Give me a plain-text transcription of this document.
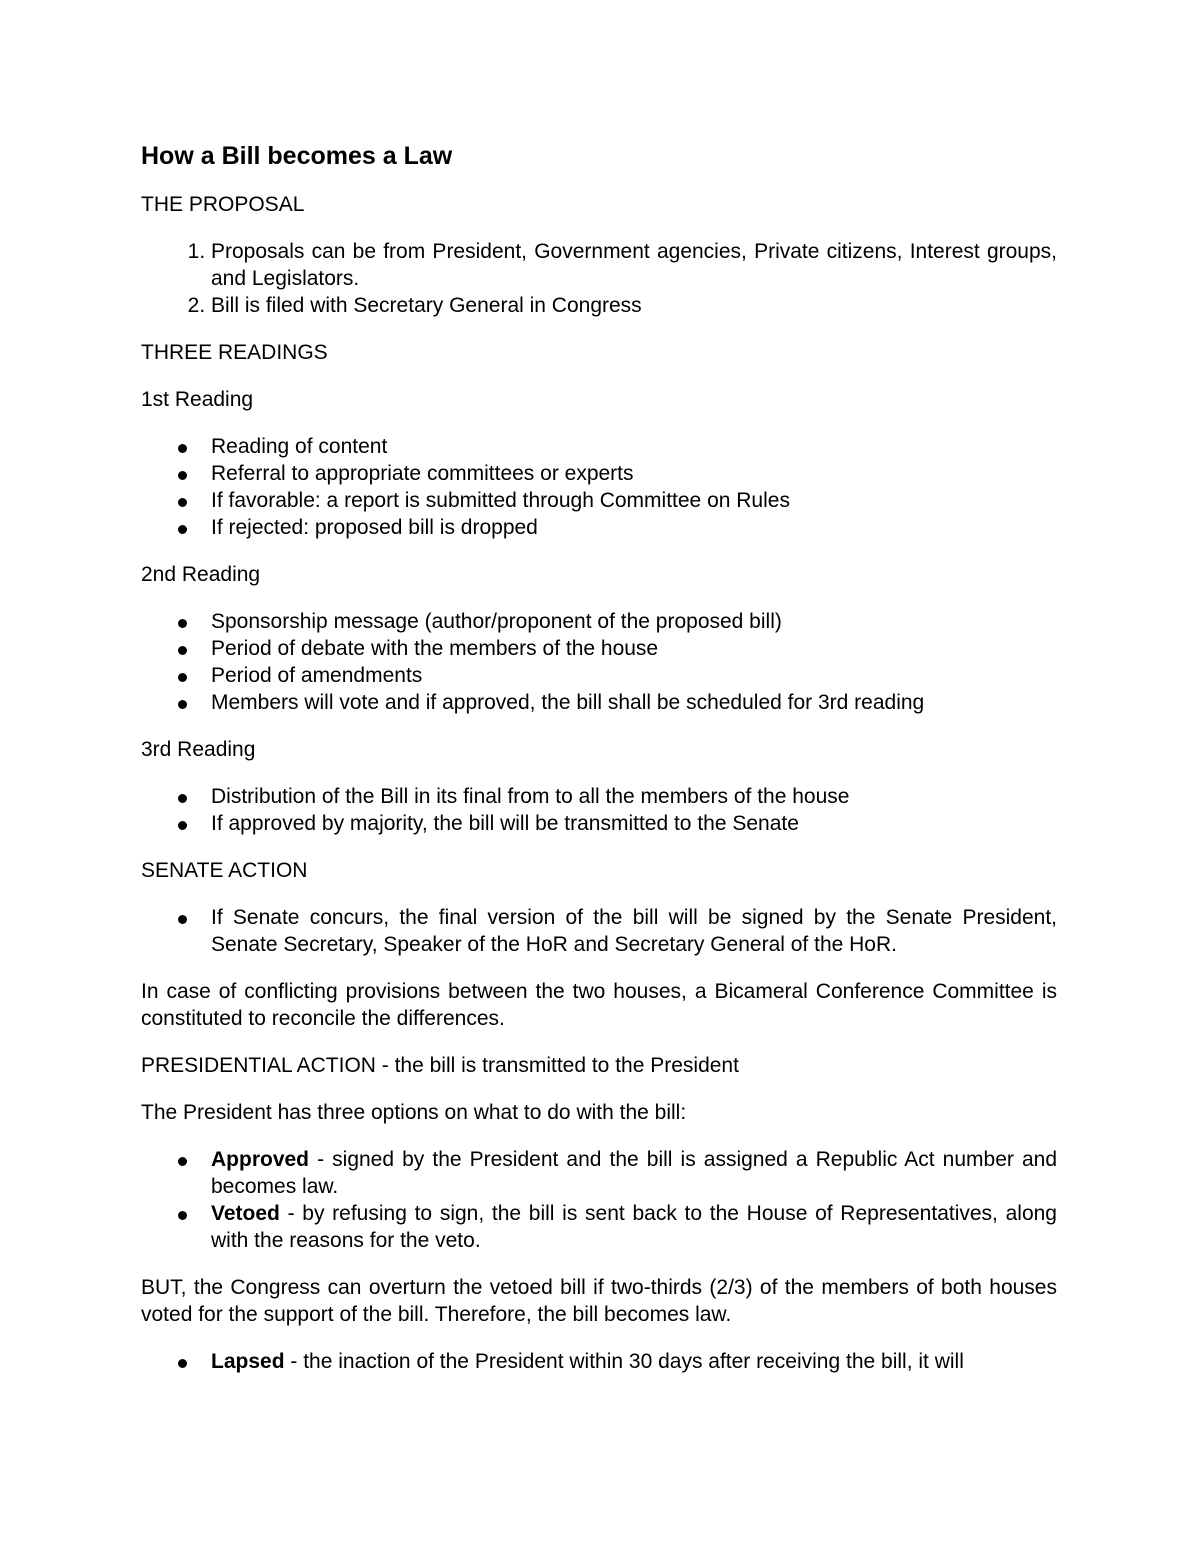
How a Bill becomes a Law

THE PROPOSAL

1. Proposals can be from President, Government agencies, Private citizens, Interest groups, and Legislators.
2. Bill is filed with Secretary General in Congress

THREE READINGS

1st Reading

Reading of content
Referral to appropriate committees or experts
If favorable: a report is submitted through Committee on Rules
If rejected: proposed bill is dropped

2nd Reading

Sponsorship message (author/proponent of the proposed bill)
Period of debate with the members of the house
Period of amendments
Members will vote and if approved, the bill shall be scheduled for 3rd reading

3rd Reading

Distribution of the Bill in its final from to all the members of the house
If approved by majority, the bill will be transmitted to the Senate

SENATE ACTION

If Senate concurs, the final version of the bill will be signed by the Senate President, Senate Secretary, Speaker of the HoR and Secretary General of the HoR.

In case of conflicting provisions between the two houses, a Bicameral Conference Committee is constituted to reconcile the differences.

PRESIDENTIAL ACTION - the bill is transmitted to the President

The President has three options on what to do with the bill:

Approved - signed by the President and the bill is assigned a Republic Act number and becomes law.
Vetoed - by refusing to sign, the bill is sent back to the House of Representatives, along with the reasons for the veto.

BUT, the Congress can overturn the vetoed bill if two-thirds (2/3) of the members of both houses voted for the support of the bill. Therefore, the bill becomes law.

Lapsed - the inaction of the President within 30 days after receiving the bill, it will
